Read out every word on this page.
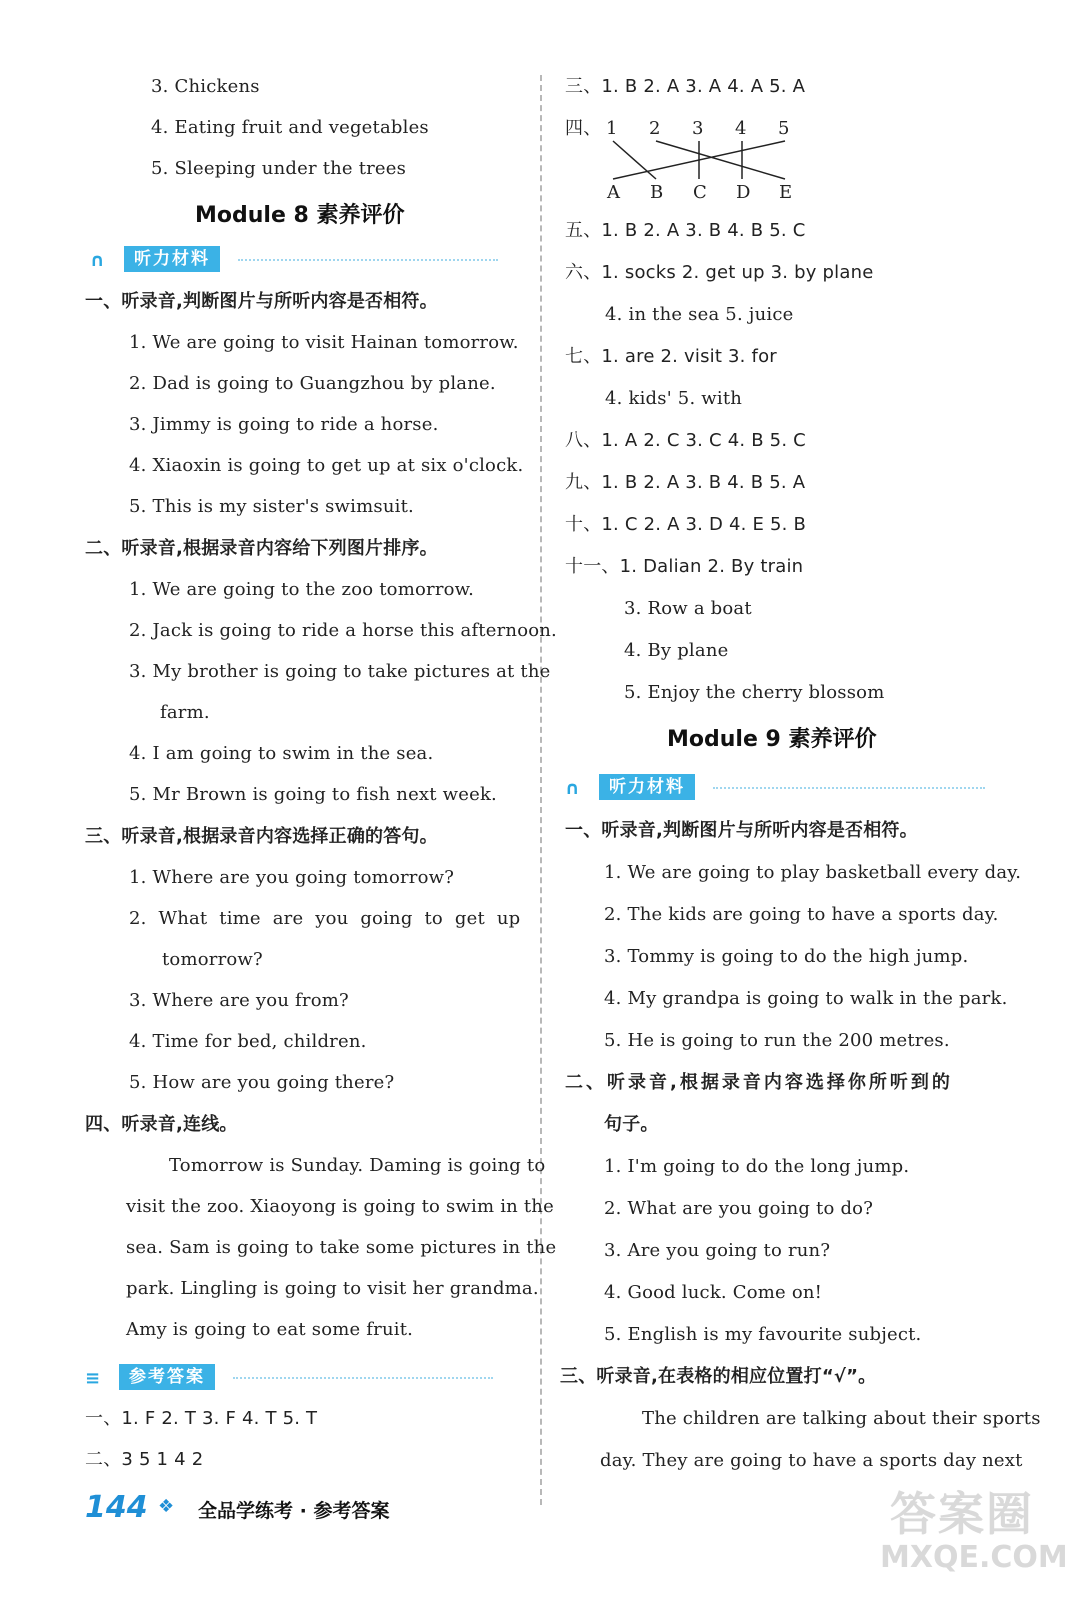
3. Chickens
4. Eating fruit and vegetables
5. Sleeping under the trees
Module 8 素养评价
∩	听力材料
一、听录音,判断图片与所听内容是否相符。
1. We are going to visit Hainan tomorrow.
2. Dad is going to Guangzhou by plane.
3. Jimmy is going to ride a horse.
4. Xiaoxin is going to get up at six o'clock.
5. This is my sister's swimsuit.
二、听录音,根据录音内容给下列图片排序。
1. We are going to the zoo tomorrow.
2. Jack is going to ride a horse this afternoon.
3. My brother is going to take pictures at the
farm.
4. I am going to swim in the sea.
5. Mr Brown is going to fish next week.
三、听录音,根据录音内容选择正确的答句。
1. Where are you going tomorrow?
2. What time are you going to get up
tomorrow?
3. Where are you from?
4. Time for bed, children.
5. How are you going there?
四、听录音,连线。
Tomorrow is Sunday. Daming is going to
visit the zoo. Xiaoyong is going to swim in the
sea. Sam is going to take some pictures in the
park. Lingling is going to visit her grandma.
Amy is going to eat some fruit.
≡	参考答案
一、1. F 2. T 3. F 4. T 5. T
二、3 5 1 4 2
三、1. B 2. A 3. A 4. A 5. A
四、 1 2 3 4 5
A B C D E
五、1. B 2. A 3. B 4. B 5. C
六、1. socks 2. get up 3. by plane
4. in the sea 5. juice
七、1. are 2. visit 3. for
4. kids' 5. with
八、1. A 2. C 3. C 4. B 5. C
九、1. B 2. A 3. B 4. B 5. A
十、1. C 2. A 3. D 4. E 5. B
十一、1. Dalian 2. By train
3. Row a boat
4. By plane
5. Enjoy the cherry blossom
Module 9 素养评价
∩	听力材料
一、听录音,判断图片与所听内容是否相符。
1. We are going to play basketball every day.
2. The kids are going to have a sports day.
3. Tommy is going to do the high jump.
4. My grandpa is going to walk in the park.
5. He is going to run the 200 metres.
二、听录音,根据录音内容选择你所听到的
句子。
1. I'm going to do the long jump.
2. What are you going to do?
3. Are you going to run?
4. Good luck. Come on!
5. English is my favourite subject.
三、听录音,在表格的相应位置打“√”。
The children are talking about their sports
day. They are going to have a sports day next
144 ❖	全品学练考 · 参考答案	答案圈
MXQE.COM
